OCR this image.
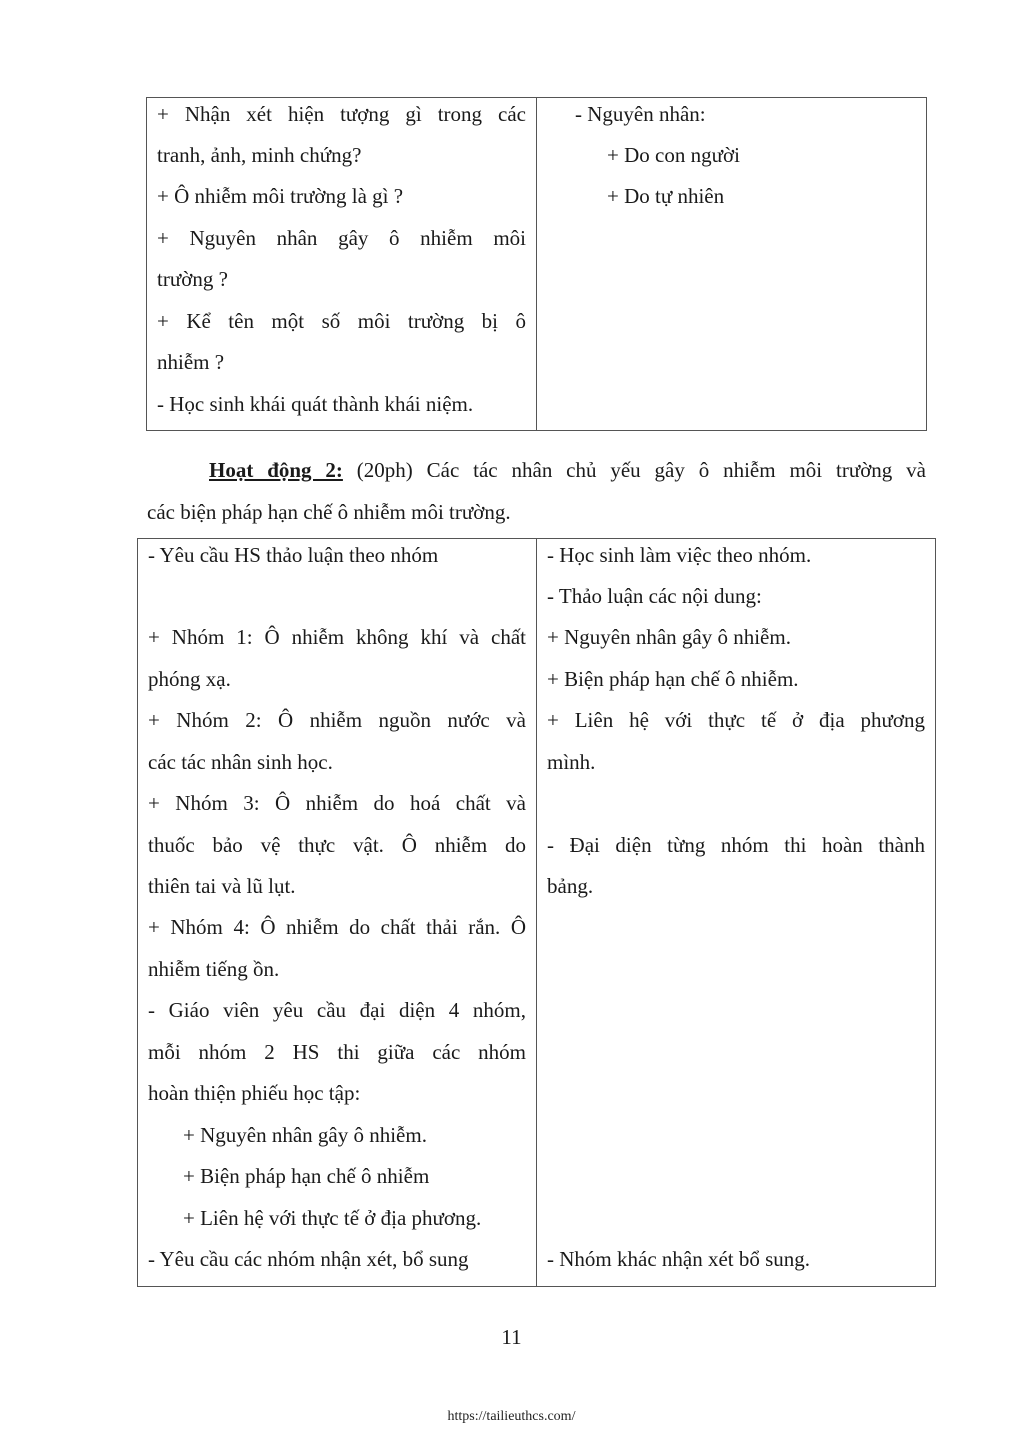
+ Nhận xét hiện tượng gì trong các
tranh, ảnh, minh chứng?
+ Ô nhiễm môi trường là gì ?
+ Nguyên nhân gây ô nhiễm môi
trường ?
+ Kể tên một số môi trường bị ô
nhiễm ?
- Học sinh khái quát thành khái niệm.
- Nguyên nhân:
+ Do con người
+ Do tự nhiên
Hoạt động 2: (20ph) Các tác nhân chủ yếu gây ô nhiễm môi trường và
các biện pháp hạn chế ô nhiễm môi trường.
- Yêu cầu HS thảo luận theo nhóm
+ Nhóm 1: Ô nhiễm không khí và chất
phóng xạ.
+ Nhóm 2: Ô nhiễm nguồn nước và
các tác nhân sinh học.
+ Nhóm 3: Ô nhiễm do hoá chất và
thuốc bảo vệ thực vật. Ô nhiễm do
thiên tai và lũ lụt.
+ Nhóm 4: Ô nhiễm do chất thải rắn. Ô
nhiễm tiếng ồn.
- Giáo viên yêu cầu đại diện 4 nhóm,
mỗi nhóm 2 HS thi giữa các nhóm
hoàn thiện phiếu học tập:
+ Nguyên nhân gây ô nhiễm.
+ Biện pháp hạn chế ô nhiễm
+ Liên hệ với thực tế ở địa phương.
- Yêu cầu các nhóm nhận xét, bổ sung
- Học sinh làm việc theo nhóm.
- Thảo luận các nội dung:
+ Nguyên nhân gây ô nhiễm.
+ Biện pháp hạn chế ô nhiễm.
+ Liên hệ với thực tế ở địa phương
mình.
- Đại diện từng nhóm thi hoàn thành
bảng.
- Nhóm khác nhận xét bổ sung.
11
https://tailieuthcs.com/
